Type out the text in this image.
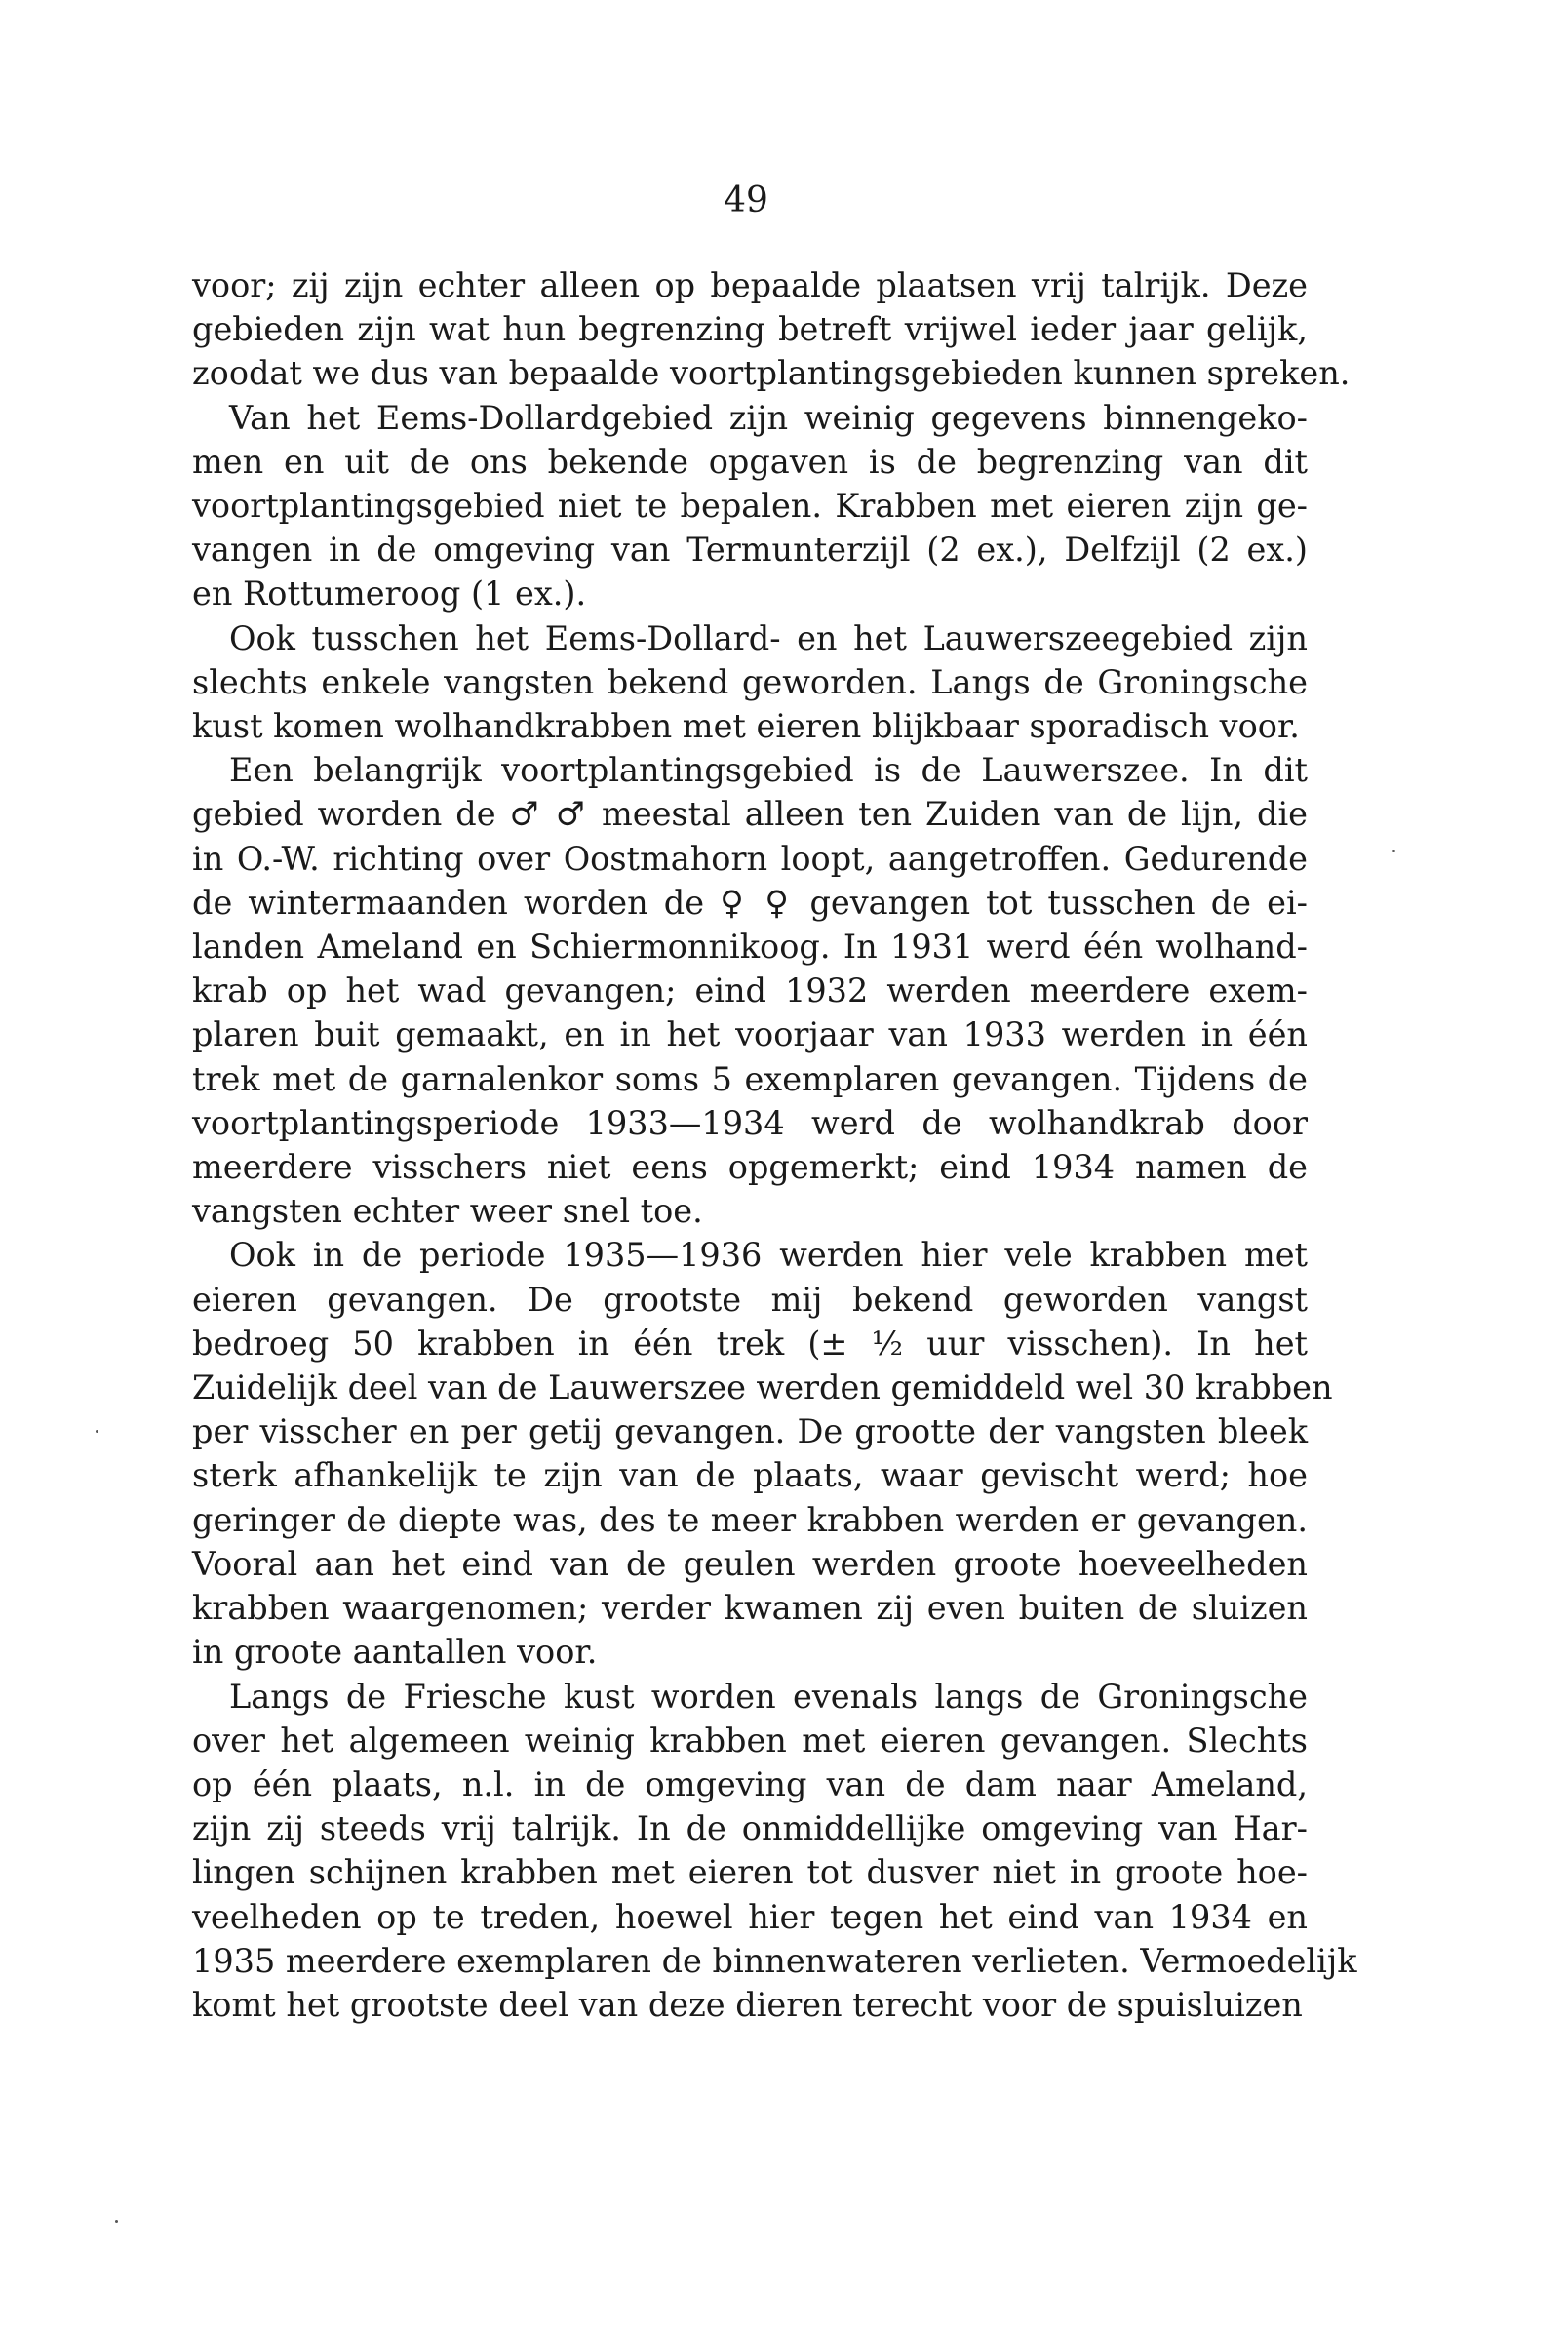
49

voor; zij zijn echter alleen op bepaalde plaatsen vrij talrijk. Deze
gebieden zijn wat hun begrenzing betreft vrijwel ieder jaar gelijk,
zoodat we dus van bepaalde voortplantingsgebieden kunnen spreken.

Van het Eems-Dollardgebied zijn weinig gegevens binnengeko-
men en uit de ons bekende opgaven is de begrenzing van dit
voortplantingsgebied niet te bepalen. Krabben met eieren zijn ge-
vangen in de omgeving van Termunterzijl (2 ex.), Delfzijl (2 ex.)
en Rottumeroog (1 ex.).

Ook tusschen het Eems-Dollard- en het Lauwerszeegebied zijn
slechts enkele vangsten bekend geworden. Langs de Groningsche
kust komen wolhandkrabben met eieren blijkbaar sporadisch voor.

Een belangrijk voortplantingsgebied is de Lauwerszee. In dit
gebied worden de ♂ ♂ meestal alleen ten Zuiden van de lijn, die
in O.-W. richting over Oostmahorn loopt, aangetroffen. Gedurende
de wintermaanden worden de ♀ ♀ gevangen tot tusschen de ei-
landen Ameland en Schiermonnikoog. In 1931 werd één wolhand-
krab op het wad gevangen; eind 1932 werden meerdere exem-
plaren buit gemaakt, en in het voorjaar van 1933 werden in één
trek met de garnalenkor soms 5 exemplaren gevangen. Tijdens de
voortplantingsperiode 1933—1934 werd de wolhandkrab door
meerdere visschers niet eens opgemerkt; eind 1934 namen de
vangsten echter weer snel toe.

Ook in de periode 1935—1936 werden hier vele krabben met
eieren gevangen. De grootste mij bekend geworden vangst
bedroeg 50 krabben in één trek (± ½ uur visschen). In het
Zuidelijk deel van de Lauwerszee werden gemiddeld wel 30 krabben
per visscher en per getij gevangen. De grootte der vangsten bleek
sterk afhankelijk te zijn van de plaats, waar gevischt werd; hoe
geringer de diepte was, des te meer krabben werden er gevangen.
Vooral aan het eind van de geulen werden groote hoeveelheden
krabben waargenomen; verder kwamen zij even buiten de sluizen
in groote aantallen voor.

Langs de Friesche kust worden evenals langs de Groningsche
over het algemeen weinig krabben met eieren gevangen. Slechts
op één plaats, n.l. in de omgeving van de dam naar Ameland,
zijn zij steeds vrij talrijk. In de onmiddellijke omgeving van Har-
lingen schijnen krabben met eieren tot dusver niet in groote hoe-
veelheden op te treden, hoewel hier tegen het eind van 1934 en
1935 meerdere exemplaren de binnenwateren verlieten. Vermoedelijk
komt het grootste deel van deze dieren terecht voor de spuisluizen
